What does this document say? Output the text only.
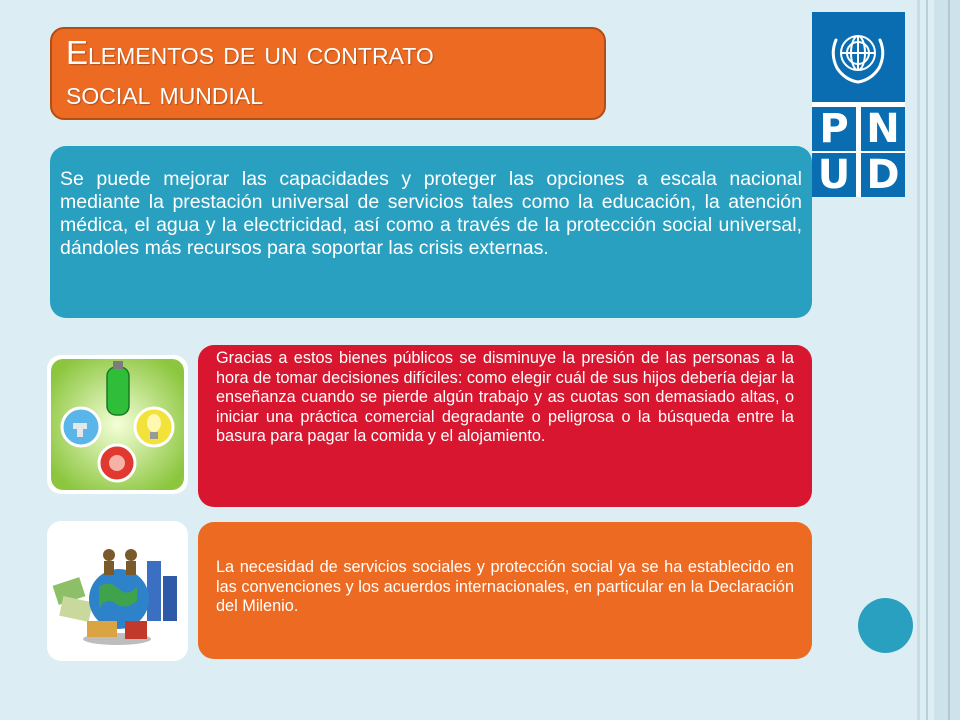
Elementos de un contrato
social mundial
P N
U D
Se puede mejorar las capacidades y proteger las opciones a escala nacional mediante la prestación universal de servicios tales como la educación, la atención médica, el agua y la electricidad, así como a través de la protección social universal, dándoles más recursos para soportar las crisis externas.
Gracias a estos bienes públicos se disminuye la presión de las personas a la hora de tomar decisiones difíciles: como elegir cuál de sus hijos debería dejar la enseñanza cuando se pierde algún trabajo y as cuotas son demasiado altas, o iniciar una práctica comercial degradante o peligrosa o la búsqueda entre la basura para pagar la comida y el alojamiento.
La necesidad de servicios sociales y protección social ya se ha establecido en las convenciones y los acuerdos internacionales, en particular en la Declaración del Milenio.
